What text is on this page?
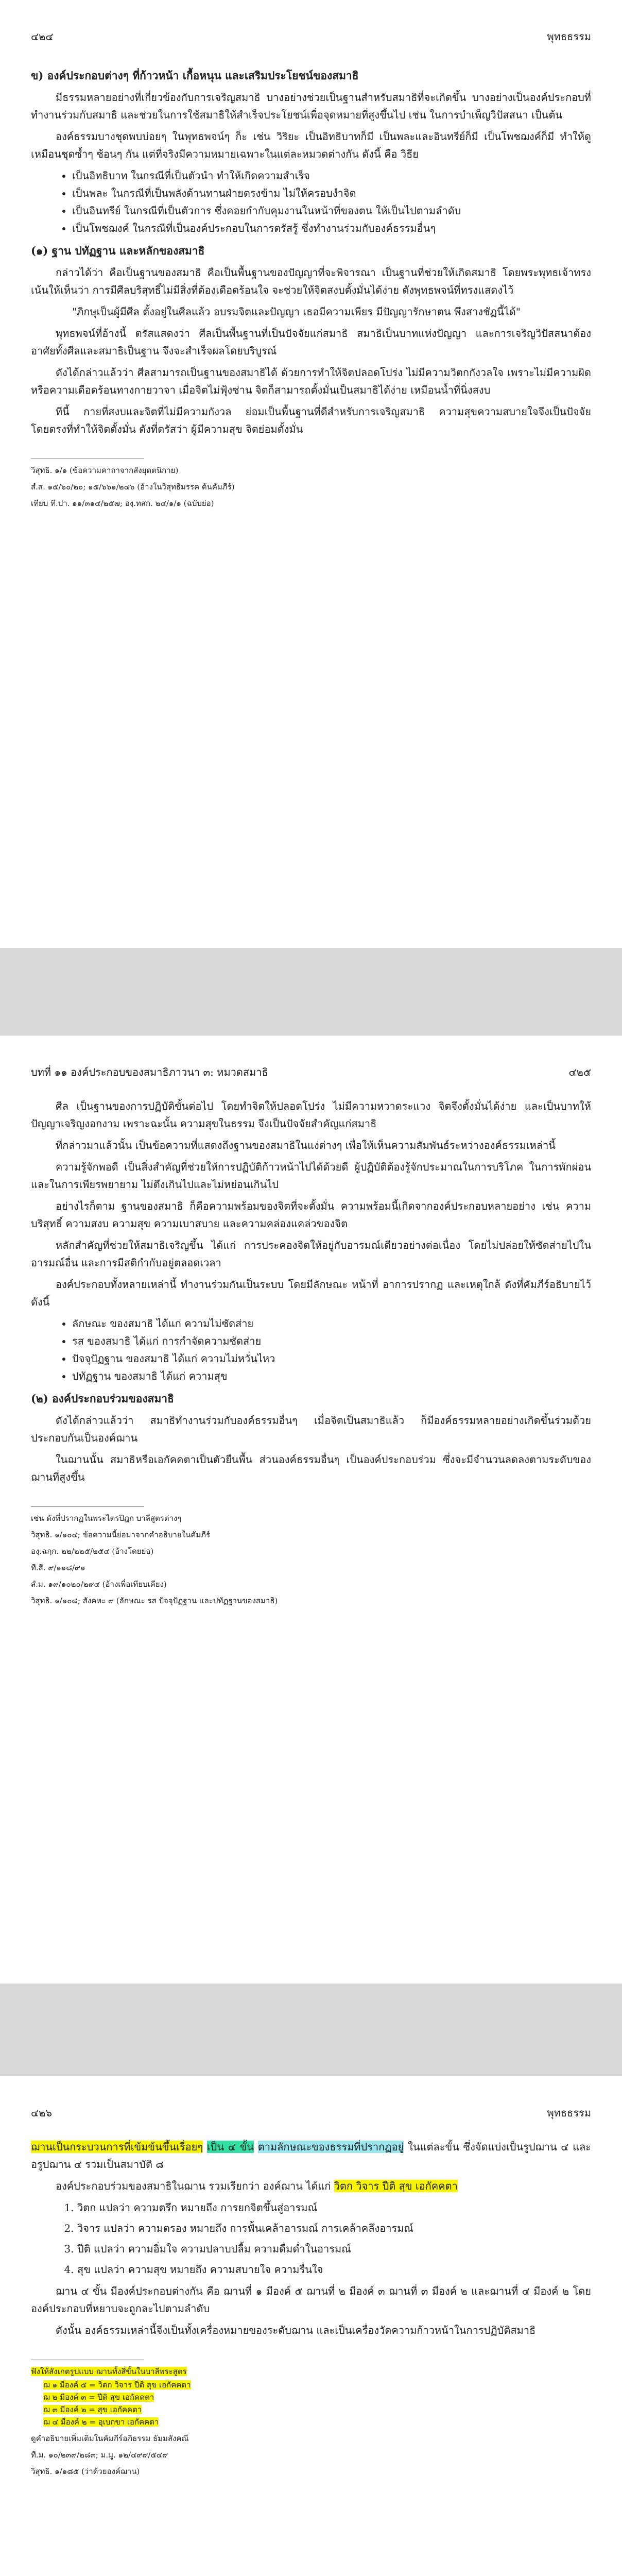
๔๒๔	พุทธธรรม
ข) องค์ประกอบต่างๆ ที่ก้าวหน้า เกื้อหนุน และเสริมประโยชน์ของสมาธิ

มีธรรมหลายอย่างที่เกี่ยวข้องกับการเจริญสมาธิ บางอย่างช่วยเป็นฐานสำหรับสมาธิที่จะเกิดขึ้น บางอย่างเป็นองค์ประกอบที่ทำงานร่วมกับสมาธิ และช่วยในการใช้สมาธิให้สำเร็จประโยชน์เพื่อจุดหมายที่สูงขึ้นไป เช่น ในการบำเพ็ญวิปัสสนา เป็นต้น

องค์ธรรมบางชุดพบบ่อยๆ ในพุทธพจน์ๆ ก็ะ เช่น วิริยะ เป็นอิทธิบาทก็มี เป็นพละและอินทรีย์ก็มี เป็นโพชฌงค์ก็มี ทำให้ดูเหมือนชุดซ้ำๆ ซ้อนๆ กัน แต่ที่จริงมีความหมายเฉพาะในแต่ละหมวดต่างกัน ดังนี้ คือ วิธีย

• เป็นอิทธิบาท ในกรณีที่เป็นตัวนำ ทำให้เกิดความสำเร็จ
• เป็นพละ ในกรณีที่เป็นพลังต้านทานฝ่ายตรงข้าม ไม่ให้ครอบงำจิต
• เป็นอินทรีย์ ในกรณีที่เป็นตัวการ ซึ่งคอยกำกับคุมงานในหน้าที่ของตน ให้เป็นไปตามลำดับ
• เป็นโพชฌงค์ ในกรณีที่เป็นองค์ประกอบในการตรัสรู้ ซึ่งทำงานร่วมกับองค์ธรรมอื่นๆ
(๑) ฐาน ปทัฏฐาน และหลักของสมาธิ

กล่าวได้ว่า คือเป็นฐานของสมาธิ คือเป็นพื้นฐานของปัญญาที่จะพิจารณา เป็นฐานที่ช่วยให้เกิดสมาธิ โดยพระพุทธเจ้าทรงเน้นให้เห็นว่า การมีศีลบริสุทธิ์ไม่มีสิ่งที่ต้องเดือดร้อนใจ จะช่วยให้จิตสงบตั้งมั่นได้ง่าย ดังพุทธพจน์ที่ทรงแสดงไว้

"ภิกษุเป็นผู้มีศีล ตั้งอยู่ในศีลแล้ว อบรมจิตและปัญญา เธอมีความเพียร มีปัญญารักษาตน พึงสางชัฏนี้ได้"

พุทธพจน์ที่อ้างนี้ ตรัสแสดงว่า ศีลเป็นพื้นฐานที่เป็นปัจจัยแก่สมาธิ สมาธิเป็นบาทแห่งปัญญา และการเจริญวิปัสสนาต้องอาศัยทั้งศีลและสมาธิเป็นฐาน จึงจะสำเร็จผลโดยบริบูรณ์

ดังได้กล่าวแล้วว่า ศีลสามารถเป็นฐานของสมาธิได้ ด้วยการทำให้จิตปลอดโปร่ง ไม่มีความวิตกกังวลใจ เพราะไม่มีความผิดหรือความเดือดร้อนทางกายวาจา เมื่อจิตไม่ฟุ้งซ่าน จิตก็สามารถตั้งมั่นเป็นสมาธิได้ง่าย เหมือนน้ำที่นิ่งสงบ

ทีนี้ กายที่สงบและจิตที่ไม่มีความกังวล ย่อมเป็นพื้นฐานที่ดีสำหรับการเจริญสมาธิ ความสุขความสบายใจจึงเป็นปัจจัยโดยตรงที่ทำให้จิตตั้งมั่น ดังที่ตรัสว่า ผู้มีความสุข จิตย่อมตั้งมั่น

วิสุทธิ. ๑/๑ (ข้อความคาถาจากสังยุตตนิกาย)

สํ.ส. ๑๕/๖๐/๒๐; ๑๕/๖๖๑/๒๔๖ (อ้างในวิสุทธิมรรค ต้นคัมภีร์)

เทียบ ที.ปา. ๑๑/๓๑๔/๒๕๗; องฺ.ทสก. ๒๔/๑/๑ (ฉบับย่อ)

บทที่ ๑๑ องค์ประกอบของสมาธิภาวนา ๓: หมวดสมาธิ	๔๒๕

ศีล เป็นฐานของการปฏิบัติขั้นต่อไป โดยทำจิตให้ปลอดโปร่ง ไม่มีความหวาดระแวง จิตจึงตั้งมั่นได้ง่าย และเป็นบาทให้ปัญญาเจริญงอกงาม เพราะฉะนั้น ความสุขในธรรม จึงเป็นปัจจัยสำคัญแก่สมาธิ

ที่กล่าวมาแล้วนั้น เป็นข้อความที่แสดงถึงฐานของสมาธิในแง่ต่างๆ เพื่อให้เห็นความสัมพันธ์ระหว่างองค์ธรรมเหล่านี้

ความรู้จักพอดี เป็นสิ่งสำคัญที่ช่วยให้การปฏิบัติก้าวหน้าไปได้ด้วยดี ผู้ปฏิบัติต้องรู้จักประมาณในการบริโภค ในการพักผ่อน และในการเพียรพยายาม ไม่ตึงเกินไปและไม่หย่อนเกินไป

อย่างไรก็ตาม ฐานของสมาธิ ก็คือความพร้อมของจิตที่จะตั้งมั่น ความพร้อมนี้เกิดจากองค์ประกอบหลายอย่าง เช่น ความบริสุทธิ์ ความสงบ ความสุข ความเบาสบาย และความคล่องแคล่วของจิต

หลักสำคัญที่ช่วยให้สมาธิเจริญขึ้น ได้แก่ การประคองจิตให้อยู่กับอารมณ์เดียวอย่างต่อเนื่อง โดยไม่ปล่อยให้ซัดส่ายไปในอารมณ์อื่น และการมีสติกำกับอยู่ตลอดเวลา

องค์ประกอบทั้งหลายเหล่านี้ ทำงานร่วมกันเป็นระบบ โดยมีลักษณะ หน้าที่ อาการปรากฏ และเหตุใกล้ ดังที่คัมภีร์อธิบายไว้ ดังนี้

• ลักษณะ ของสมาธิ ได้แก่ ความไม่ซัดส่าย
• รส ของสมาธิ ได้แก่ การกำจัดความซัดส่าย
• ปัจจุปัฏฐาน ของสมาธิ ได้แก่ ความไม่หวั่นไหว
• ปทัฏฐาน ของสมาธิ ได้แก่ ความสุข
(๒) องค์ประกอบร่วมของสมาธิ

ดังได้กล่าวแล้วว่า สมาธิทำงานร่วมกับองค์ธรรมอื่นๆ เมื่อจิตเป็นสมาธิแล้ว ก็มีองค์ธรรมหลายอย่างเกิดขึ้นร่วมด้วย ประกอบกันเป็นองค์ฌาน

ในฌานนั้น สมาธิหรือเอกัคคตาเป็นตัวยืนพื้น ส่วนองค์ธรรมอื่นๆ เป็นองค์ประกอบร่วม ซึ่งจะมีจำนวนลดลงตามระดับของฌานที่สูงขึ้น

เช่น ดังที่ปรากฏในพระไตรปิฎก บาลีสูตรต่างๆ

วิสุทธิ. ๑/๑๐๔; ข้อความนี้ย่อมาจากคำอธิบายในคัมภีร์

องฺ.ฉกฺก. ๒๒/๒๒๕/๒๕๔ (อ้างโดยย่อ)

ที.สี. ๙/๑๑๘/๙๑

สํ.ม. ๑๙/๑๐๒๐/๒๙๔ (อ้างเพื่อเทียบเคียง)

วิสุทธิ. ๑/๑๐๘; สังคหะ ๙ (ลักษณะ รส ปัจจุปัฏฐาน และปทัฏฐานของสมาธิ)

๔๒๖	พุทธธรรม

ฌานเป็นกระบวนการที่เข้มข้นขึ้นเรื่อยๆ เป็น ๔ ขั้น ตามลักษณะของธรรมที่ปรากฏอยู่ ในแต่ละขั้น ซึ่งจัดแบ่งเป็นรูปฌาน ๔ และอรูปฌาน ๔ รวมเป็นสมาบัติ ๘

องค์ประกอบร่วมของสมาธิในฌาน รวมเรียกว่า องค์ฌาน ได้แก่ วิตก วิจาร ปีติ สุข เอกัคคตา

1. วิตก แปลว่า ความตรึก หมายถึง การยกจิตขึ้นสู่อารมณ์
2. วิจาร แปลว่า ความตรอง หมายถึง การฟั้นเคล้าอารมณ์ การเคล้าคลึงอารมณ์
3. ปีติ แปลว่า ความอิ่มใจ ความปลาบปลื้ม ความดื่มด่ำในอารมณ์
4. สุข แปลว่า ความสุข หมายถึง ความสบายใจ ความรื่นใจ

ฌาน ๔ ขั้น มีองค์ประกอบต่างกัน คือ ฌานที่ ๑ มีองค์ ๕ ฌานที่ ๒ มีองค์ ๓ ฌานที่ ๓ มีองค์ ๒ และฌานที่ ๔ มีองค์ ๒ โดยองค์ประกอบที่หยาบจะถูกละไปตามลำดับ

ดังนั้น องค์ธรรมเหล่านี้จึงเป็นทั้งเครื่องหมายของระดับฌาน และเป็นเครื่องวัดความก้าวหน้าในการปฏิบัติสมาธิ

ฟังให้สังเกตรูปแบบ ฌานทั้งสี่ขั้นในบาลีพระสูตร

ฌ ๑ มีองค์ ๕ = วิตก วิจาร ปีติ สุข เอกัคคตา
ฌ ๒ มีองค์ ๓ = ปีติ สุข เอกัคคตา
ฌ ๓ มีองค์ ๒ = สุข เอกัคคตา
ฌ ๔ มีองค์ ๒ = อุเบกขา เอกัคคตา

ดูคำอธิบายเพิ่มเติมในคัมภีร์อภิธรรม ธัมมสังคณี

ที.ม. ๑๐/๒๓๙/๒๘๓; ม.มู. ๑๒/๔๙๙/๕๔๙

วิสุทธิ. ๑/๑๘๕ (ว่าด้วยองค์ฌาน)
